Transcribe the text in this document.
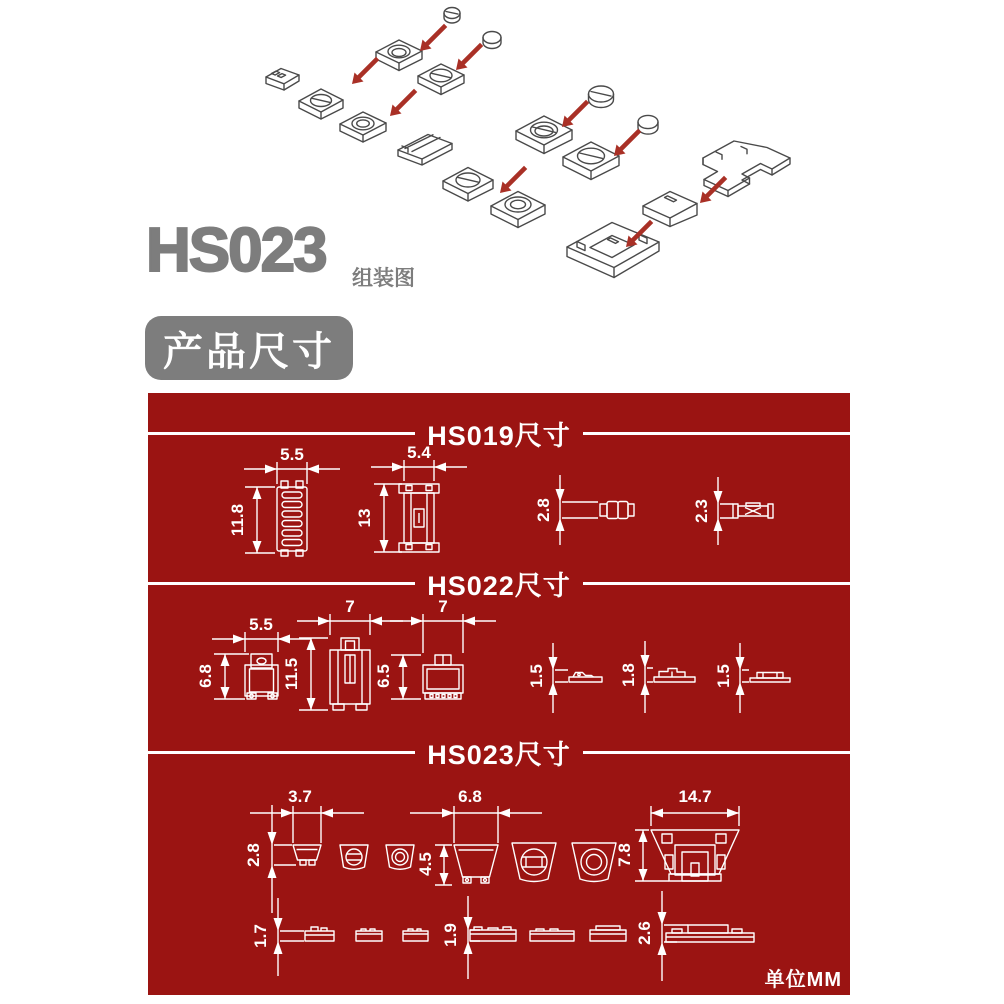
HS023 组装图
产品尺寸
HS019尺寸
HS022尺寸
HS023尺寸
5.5
11.8
5.4
13	2.8	2.3
5.5
6.8
7
11.5
7
6.5	1.5	1.8	1.5
3.7
2.8
6.8
4.5
14.7
7.8
1.7	1.9	2.6
单位MM
